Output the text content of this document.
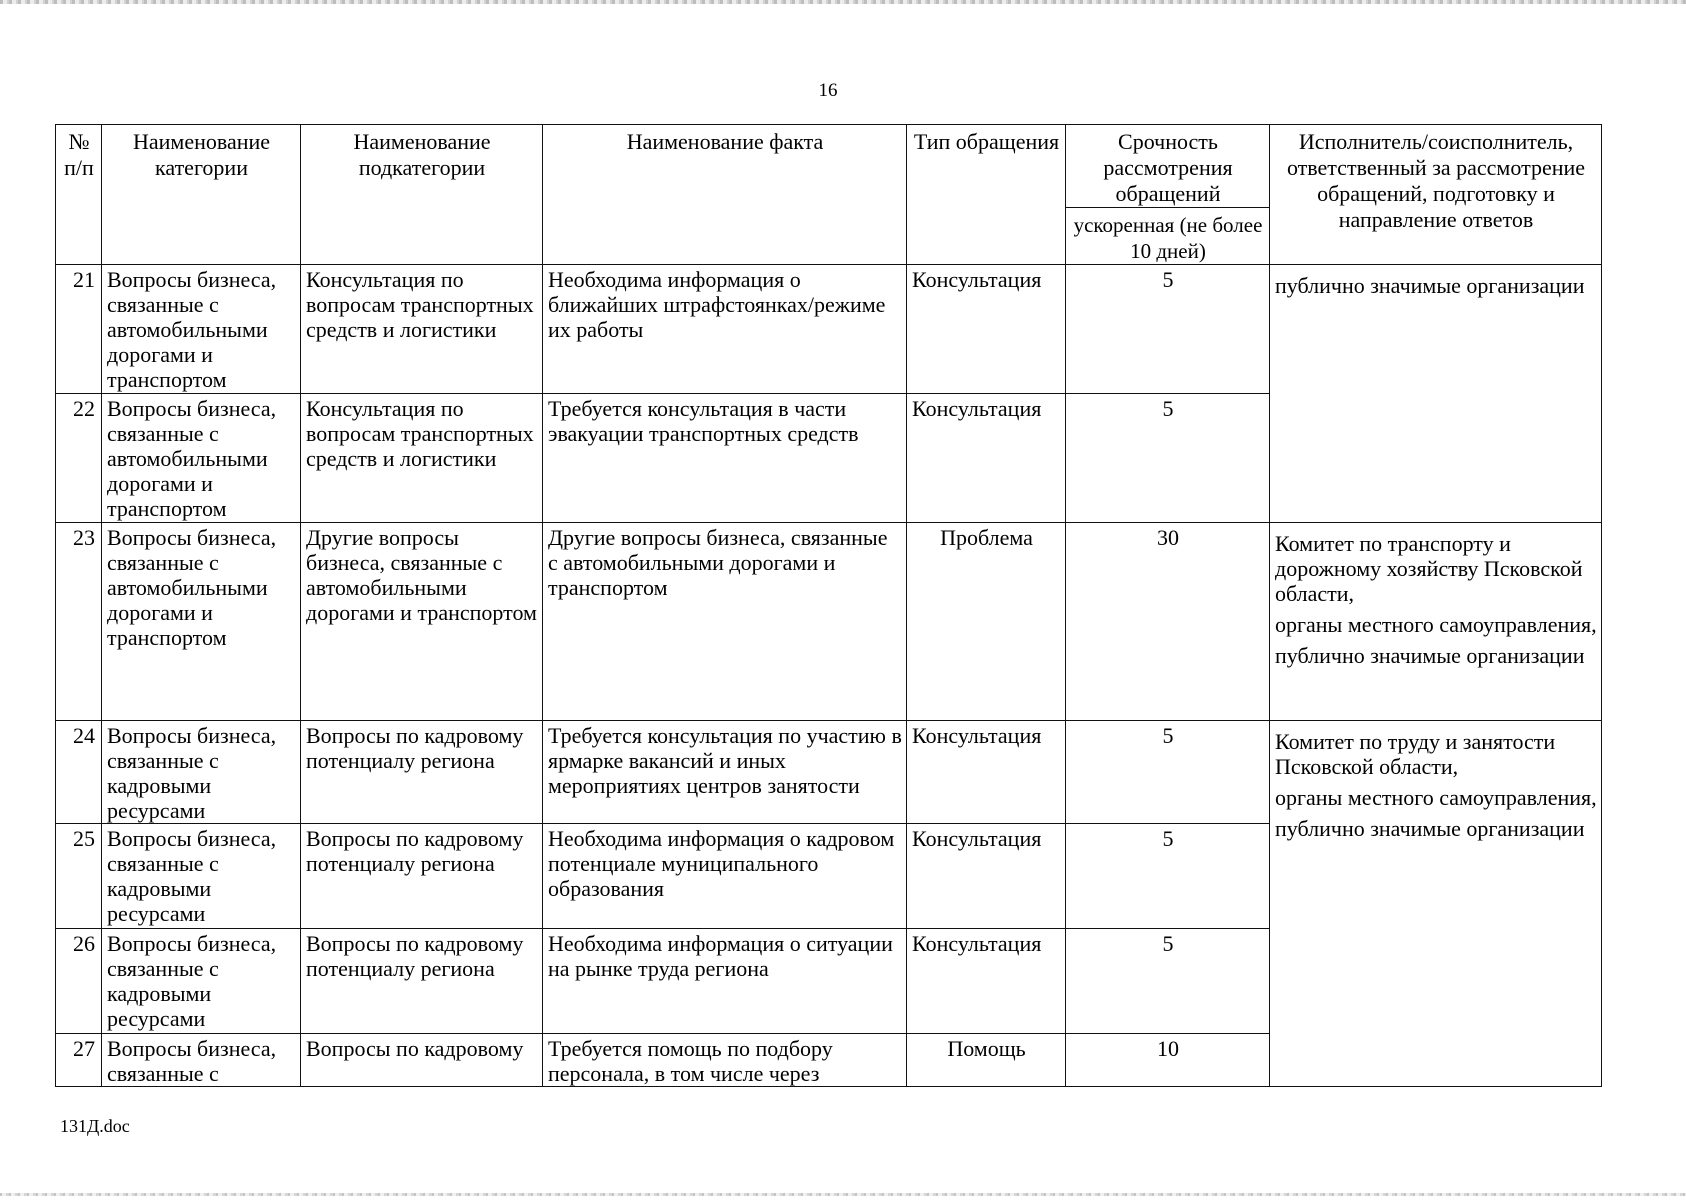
16
№ п/п	Наименование категории	Наименование подкатегории	Наименование факта	Тип обращения	Срочность рассмотрения обращений	Исполнитель/соисполнитель, ответственный за рассмотрение обращений, подготовку и направление ответов
					ускоренная (не более 10 дней)	
21	Вопросы бизнеса, связанные с автомобильными дорогами и транспортом	Консультация по вопросам транспортных средств и логистики	Необходима информация о ближайших штрафстоянках/режиме их работы	Консультация	5	публично значимые организации

22	Вопросы бизнеса, связанные с автомобильными дорогами и транспортом	Консультация по вопросам транспортных средств и логистики	Требуется консультация в части эвакуации транспортных средств	Консультация	5	
23	Вопросы бизнеса, связанные с автомобильными дорогами и транспортом	Другие вопросы бизнеса, связанные с автомобильными дорогами и транспортом	Другие вопросы бизнеса, связанные с автомобильными дорогами и транспортом	Проблема	30	Комитет по транспорту и дорожному хозяйству Псковской области,
органы местного самоуправления,
публично значимые организации

24	Вопросы бизнеса, связанные с кадровыми ресурсами	Вопросы по кадровому потенциалу региона	Требуется консультация по участию в ярмарке вакансий и иных мероприятиях центров занятости	Консультация	5	Комитет по труду и занятости Псковской области,
органы местного самоуправления,
публично значимые организации

25	Вопросы бизнеса, связанные с кадровыми ресурсами	Вопросы по кадровому потенциалу региона	Необходима информация о кадровом потенциале муниципального образования	Консультация	5	
26	Вопросы бизнеса, связанные с кадровыми ресурсами	Вопросы по кадровому потенциалу региона	Необходима информация о ситуации на рынке труда региона	Консультация	5	
27	Вопросы бизнеса, связанные с	Вопросы по кадровому	Требуется помощь по подбору персонала, в том числе через	Помощь	10	
131Д.doc
